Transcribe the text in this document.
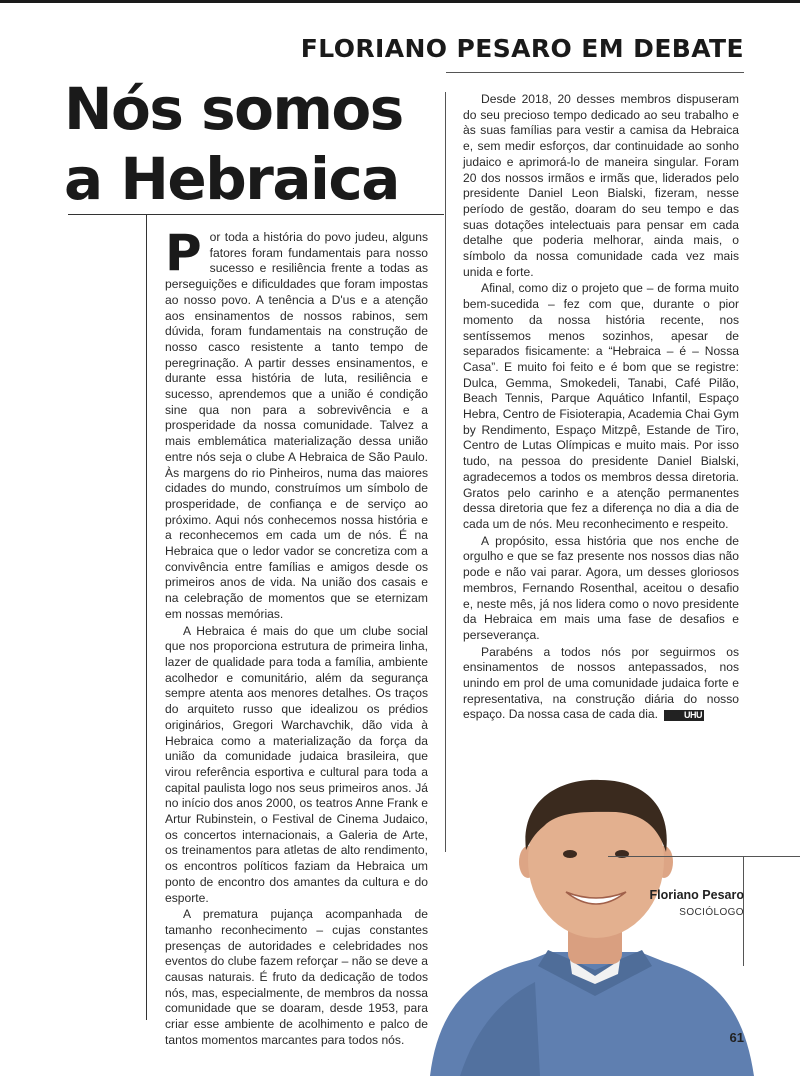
FLORIANO PESARO EM DEBATE
Nós somos
a Hebraica

Por toda a história do povo judeu, alguns fatores foram fundamentais para nosso sucesso e resiliência frente a todas as perseguições e dificuldades que foram impostas ao nosso povo. A tenência a D'us e a atenção aos ensinamentos de nossos rabinos, sem dúvida, foram fundamentais na construção de nosso casco resistente a tanto tempo de peregrinação. A partir desses ensinamentos, e durante essa história de luta, resiliência e sucesso, aprendemos que a união é condição sine qua non para a sobrevivência e a prosperidade da nossa comunidade. Talvez a mais emblemática materialização dessa união entre nós seja o clube A Hebraica de São Paulo. Às margens do rio Pinheiros, numa das maiores cidades do mundo, construímos um símbolo de prosperidade, de confiança e de serviço ao próximo. Aqui nós conhecemos nossa história e a reconhecemos em cada um de nós. É na Hebraica que o ledor vador se concretiza com a convivência entre famílias e amigos desde os primeiros anos de vida. Na união dos casais e na celebração de momentos que se eternizam em nossas memórias.

A Hebraica é mais do que um clube social que nos proporciona estrutura de primeira linha, lazer de qualidade para toda a família, ambiente acolhedor e comunitário, além da segurança sempre atenta aos menores detalhes. Os traços do arquiteto russo que idealizou os prédios originários, Gregori Warchavchik, dão vida à Hebraica como a materialização da força da união da comunidade judaica brasileira, que virou referência esportiva e cultural para toda a capital paulista logo nos seus primeiros anos. Já no início dos anos 2000, os teatros Anne Frank e Artur Rubinstein, o Festival de Cinema Judaico, os concertos internacionais, a Galeria de Arte, os treinamentos para atletas de alto rendimento, os encontros políticos faziam da Hebraica um ponto de encontro dos amantes da cultura e do esporte.

A prematura pujança acompanhada de tamanho reconhecimento – cujas constantes presenças de autoridades e celebridades nos eventos do clube fazem reforçar – não se deve a causas naturais. É fruto da dedicação de todos nós, mas, especialmente, de membros da nossa comunidade que se doaram, desde 1953, para criar esse ambiente de acolhimento e palco de tantos momentos marcantes para todos nós.

Desde 2018, 20 desses membros dispuseram do seu precioso tempo dedicado ao seu trabalho e às suas famílias para vestir a camisa da Hebraica e, sem medir esforços, dar continuidade ao sonho judaico e aprimorá-lo de maneira singular. Foram 20 dos nossos irmãos e irmãs que, liderados pelo presidente Daniel Leon Bialski, fizeram, nesse período de gestão, doaram do seu tempo e das suas dotações intelectuais para pensar em cada detalhe que poderia melhorar, ainda mais, o símbolo da nossa comunidade cada vez mais unida e forte.

Afinal, como diz o projeto que – de forma muito bem-sucedida – fez com que, durante o pior momento da nossa história recente, nos sentíssemos menos sozinhos, apesar de separados fisicamente: a “Hebraica – é – Nossa Casa”. E muito foi feito e é bom que se registre: Dulca, Gemma, Smokedeli, Tanabi, Café Pilão, Beach Tennis, Parque Aquático Infantil, Espaço Hebra, Centro de Fisioterapia, Academia Chai Gym by Rendimento, Espaço Mitzpê, Estande de Tiro, Centro de Lutas Olímpicas e muito mais. Por isso tudo, na pessoa do presidente Daniel Bialski, agradecemos a todos os membros dessa diretoria. Gratos pelo carinho e a atenção permanentes dessa diretoria que fez a diferença no dia a dia de cada um de nós. Meu reconhecimento e respeito.

A propósito, essa história que nos enche de orgulho e que se faz presente nos nossos dias não pode e não vai parar. Agora, um desses gloriosos membros, Fernando Rosenthal, aceitou o desafio e, neste mês, já nos lidera como o novo presidente da Hebraica em mais uma fase de desafios e perseverança.

Parabéns a todos nós por seguirmos os ensinamentos de nossos antepassados, nos unindo em prol de uma comunidade judaica forte e representativa, na construção diária do nosso espaço. Da nossa casa de cada dia.	UHU

Floriano Pesaro
SOCIÓLOGO
61
